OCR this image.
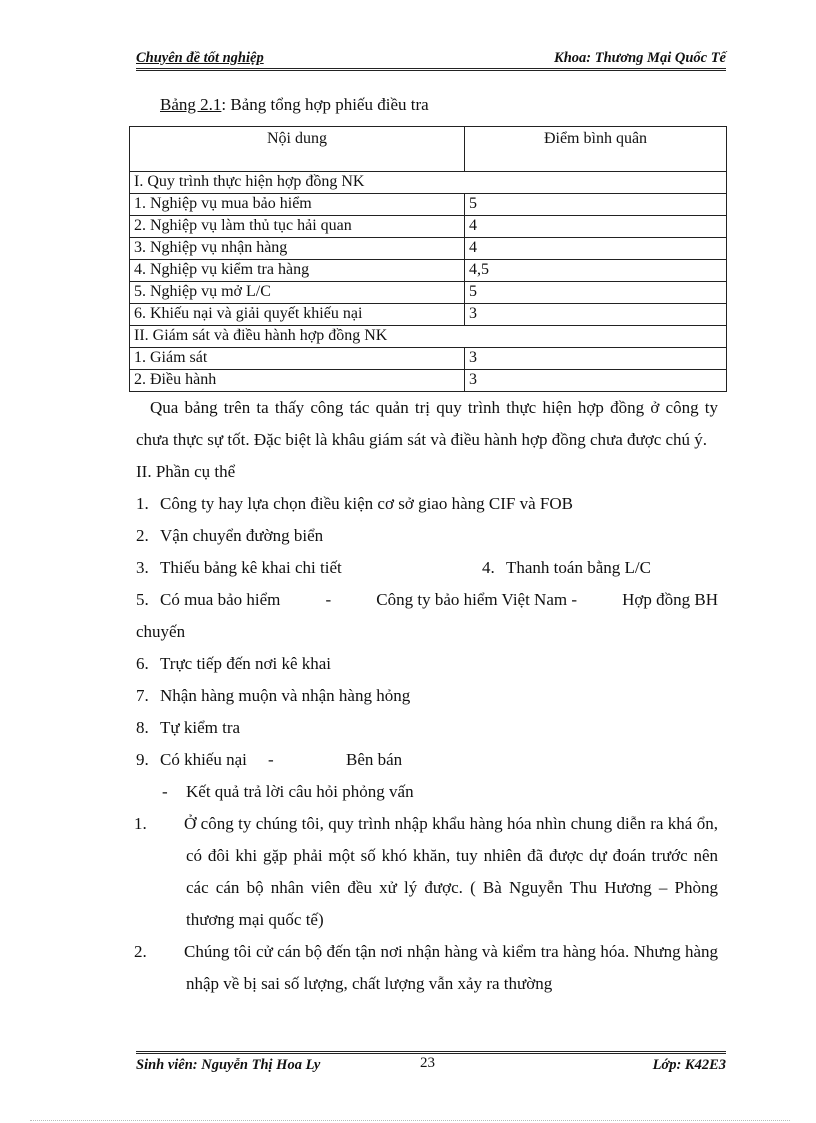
Chuyên đề tốt nghiệp	Khoa: Thương Mại Quốc Tế
Bảng 2.1: Bảng tổng hợp phiếu điều tra
Nội dung	Điểm bình quân
I. Quy trình thực hiện hợp đồng NK	
1. Nghiệp vụ mua bảo hiểm	5
2. Nghiệp vụ làm thủ tục hải quan	4
3. Nghiệp vụ nhận hàng	4
4. Nghiệp vụ kiểm tra hàng	4,5
5. Nghiệp vụ mở L/C	5
6. Khiếu nại và giải quyết khiếu nại	3
II. Giám sát và điều hành hợp đồng NK	
1. Giám sát	3
2. Điều hành	3

Qua bảng trên ta thấy công tác quản trị quy trình thực hiện hợp đồng ở công ty chưa thực sự tốt. Đặc biệt là khâu giám sát và điều hành hợp đồng chưa được chú ý.

II. Phần cụ thể

1. Công ty hay lựa chọn điều kiện cơ sở giao hàng CIF và FOB

2. Vận chuyển đường biển

3. Thiếu bảng kê khai chi tiết	4. Thanh toán bằng L/C

5. Có mua bảo hiểm	-	Công ty bảo hiểm Việt Nam -	Hợp đồng BH

chuyến

6. Trực tiếp đến nơi kê khai

7. Nhận hàng muộn và nhận hàng hỏng

8. Tự kiểm tra

9. Có khiếu nại -	Bên bán

- Kết quả trả lời câu hỏi phỏng vấn

1. Ở công ty chúng tôi, quy trình nhập khẩu hàng hóa nhìn chung diễn ra khá ổn, có đôi khi gặp phải một số khó khăn, tuy nhiên đã được dự đoán trước nên các cán bộ nhân viên đều xử lý được. ( Bà Nguyễn Thu Hương – Phòng thương mại quốc tế)

2. Chúng tôi cử cán bộ đến tận nơi nhận hàng và kiểm tra hàng hóa. Nhưng hàng nhập về bị sai số lượng, chất lượng vẫn xảy ra thường

Sinh viên: Nguyễn Thị Hoa Ly	23	Lớp: K42E3
